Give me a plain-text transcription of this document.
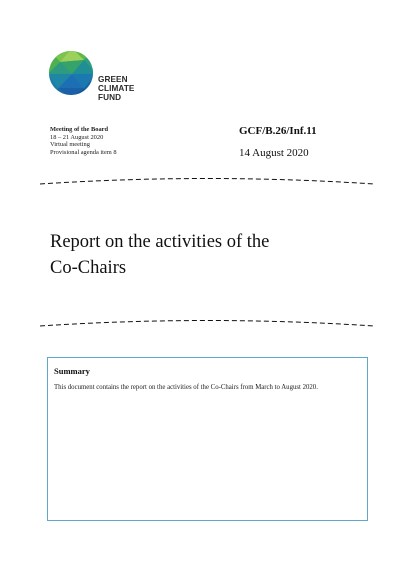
GREEN
CLIMATE
FUND
Meeting of the Board
18 – 21 August 2020
Virtual meeting
Provisional agenda item 8
GCF/B.26/Inf.11
14 August 2020
Report on the activities of the
Co-Chairs
Summary
This document contains the report on the activities of the Co-Chairs from March to August 2020.
